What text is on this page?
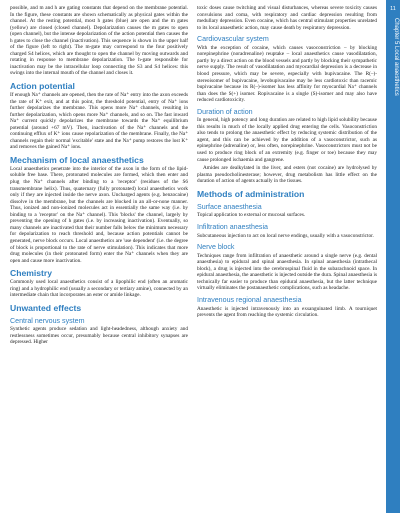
possible, and m and h are gating constants that depend on the membrane potential. In the figure, these constants are shown schematically as physical gates within the channel. At the resting potential, most h gates (blue) are open and the m gates (yellow) are closed (closed channel). Depolarization causes the m gates to open (open channel), but the intense depolarization of the action potential then causes the h gates to close the channel (inactivation). This sequence is shown in the upper half of the figure (left to right). The m-gate may correspond to the four positively charged S4 helices, which are thought to open the channel by moving outwards and rotating in response to membrane depolarization. The h-gate responsible for inactivation may be the intracellular loop connecting the S3 and S4 helices: this swings into the internal mouth of the channel and closes it.

Action potential

If enough Na⁺ channels are opened, then the rate of Na⁺ entry into the axon exceeds the rate of K⁺ exit, and at this point, the threshold potential, entry of Na⁺ ions further depolarizes the membrane. This opens more Na⁺ channels, resulting in further depolarization, which opens more Na⁺ channels, and so on. The fast inward Na⁺ current quickly depolarizes the membrane towards the Na⁺ equilibrium potential (around +67 mV). Then, inactivation of the Na⁺ channels and the continuing efflux of K⁺ ions cause repolarization of the membrane. Finally, the Na⁺ channels regain their normal 'excitable' state and the Na⁺ pump restores the lost K⁺ and removes the gained Na⁺ ions.

Mechanism of local anaesthetics

Local anaesthetics penetrate into the interior of the axon in the form of the lipid-soluble free base. There, protonated molecules are formed, which then enter and plug the Na⁺ channels after binding to a 'receptor' (residues of the S6 transmembrane helix). Thus, quaternary (fully protonated) local anaesthetics work only if they are injected inside the nerve axon. Uncharged agents (e.g. benzocaine) dissolve in the membrane, but the channels are blocked in an all-or-none manner. Thus, ionized and non-ionized molecules act in essentially the same way (i.e. by binding to a 'receptor' on the Na⁺ channel). This 'blocks' the channel, largely by preventing the opening of h gates (i.e. by increasing inactivation). Eventually, so many channels are inactivated that their number falls below the minimum necessary for depolarization to reach threshold and, because action potentials cannot be generated, nerve block occurs. Local anaesthetics are 'use dependent' (i.e. the degree of block is proportional to the rate of nerve stimulation). This indicates that more drug molecules (in their protonated form) enter the Na⁺ channels when they are open and cause more inactivation.

Chemistry

Commonly used local anaesthetics consist of a lipophilic end (often an aromatic ring) and a hydrophilic end (usually a secondary or tertiary amine), connected by an intermediate chain that incorporates an ester or amide linkage.

Unwanted effects
Central nervous system

Synthetic agents produce sedation and light-headedness, although anxiety and restlessness sometimes occur, presumably because central inhibitory synapses are depressed. Higher

toxic doses cause twitching and visual disturbances, whereas severe toxicity causes convulsions and coma, with respiratory and cardiac depression resulting from medullary depression. Even cocaine, which has central stimulant properties unrelated to its local anaesthetic action, may cause death by respiratory depression.

Cardiovascular system

With the exception of cocaine, which causes vasoconstriction – by blocking norepinephrine (noradrenaline) reuptake – local anaesthetics cause vasodilatation, partly by a direct action on the blood vessels and partly by blocking their sympathetic nerve supply. The result of vasodilatation and myocardial depression is a decrease in blood pressure, which may be severe, especially with bupivacaine. The R(–)-stereoisomer of bupivacaine, levobupivacaine may be less cardiotoxic than racemic bupivacaine because its R(–)-isomer has less affinity for myocardial Na⁺ channels than does the S(+) isomer. Ropivacaine is a single (S)-isomer and may also have reduced cardiotoxicity.

Duration of action

In general, high potency and long duration are related to high lipid solubility because this results in much of the locally applied drug entering the cells. Vasoconstriction also tends to prolong the anaesthetic effect by reducing systemic distribution of the agent, and this can be achieved by the addition of a vasoconstrictor, such as epinephrine (adrenaline) or, less often, norepinephrine. Vasoconstrictors must not be used to produce ring block of an extremity (e.g. finger or toe) because they may cause prolonged ischaemia and gangrene.

Amides are dealkylated in the liver, and esters (not cocaine) are hydrolysed by plasma pseudocholinesterase; however, drug metabolism has little effect on the duration of action of agents actually in the tissues.

Methods of administration
Surface anaesthesia

Topical application to external or mucosal surfaces.

Infiltration anaesthesia

Subcutaneous injection to act on local nerve endings, usually with a vasoconstrictor.

Nerve block

Techniques range from infiltration of anaesthetic around a single nerve (e.g. dental anaesthesia) to epidural and spinal anaesthesia. In spinal anaesthesia (intrathecal block), a drug is injected into the cerebrospinal fluid in the subarachnoid space. In epidural anaesthesia, the anaesthetic is injected outside the dura. Spinal anaesthesia is technically far easier to produce than epidural anaesthesia, but the latter technique virtually eliminates the postanaesthetic complications, such as headache.

Intravenous regional anaesthesia

Anaesthetic is injected intravenously into an exsanguinated limb. A tourniquet prevents the agent from reaching the systemic circulation.

11
Chapter 5 Local anaesthetics
